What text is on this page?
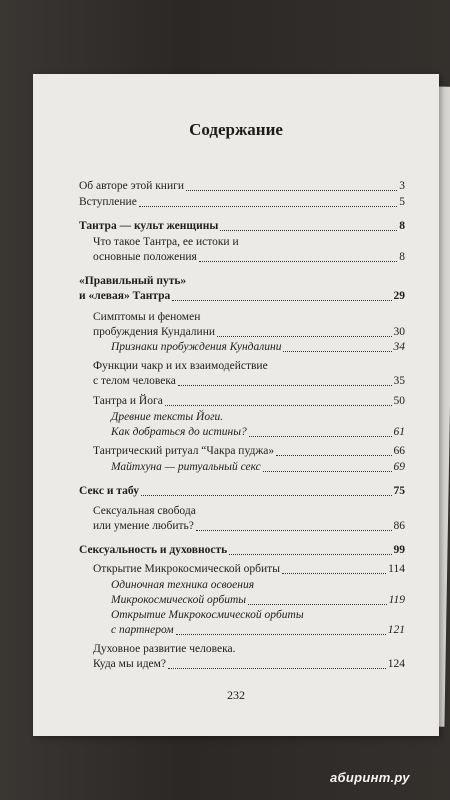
Содержание
Об авторе этой книги	3
Вступление	5
Тантра — культ женщины	8
Что такое Тантра, ее истоки и
основные положения	8
«Правильный путь»
и «левая» Тантра	29
Симптомы и феномен
пробуждения Кундалини	30
Признаки пробуждения Кундалини	34
Функции чакр и их взаимодействие
с телом человека	35
Тантра и Йога	50
Древние тексты Йоги.
Как добраться до истины?	61
Тантрический ритуал “Чакра пуджа»	66
Майтхуна — ритуальный секс	69
Секс и табу	75
Сексуальная свобода
или умение любить?	86
Сексуальность и духовность	99
Открытие Микрокосмической орбиты	114
Одиночная техника освоения
Микрокосмической орбиты	119
Открытие Микрокосмической орбиты
с партнером	121
Духовное развитие человека.
Куда мы идем?	124
232
абиринт.ру
